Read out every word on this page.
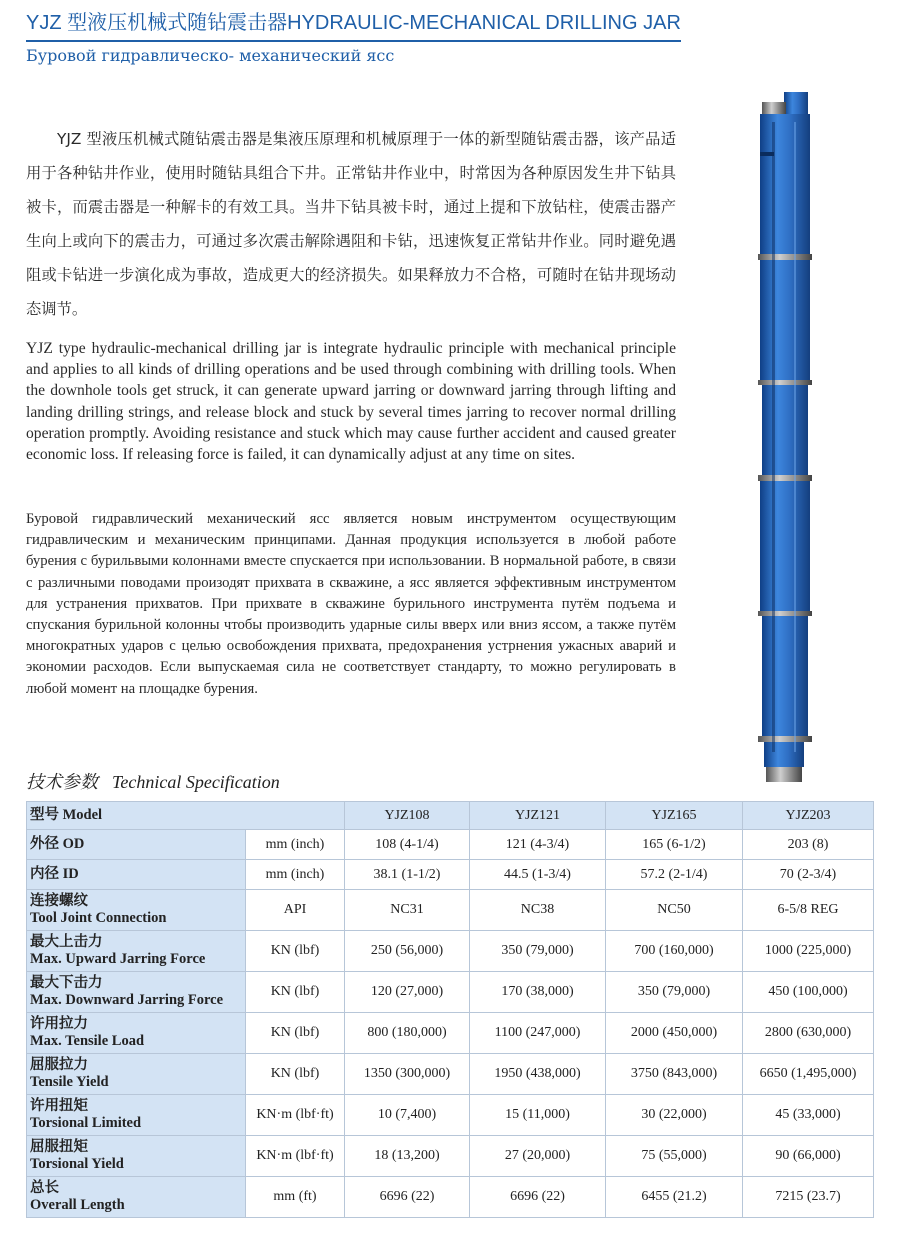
YJZ 型液压机械式随钻震击器HYDRAULIC-MECHANICAL DRILLING JAR
Буровой гидравлическо- механический ясс
YJZ 型液压机械式随钻震击器是集液压原理和机械原理于一体的新型随钻震击器，该产品适用于各种钻井作业，使用时随钻具组合下井。正常钻井作业中，时常因为各种原因发生井下钻具被卡，而震击器是一种解卡的有效工具。当井下钻具被卡时，通过上提和下放钻柱，使震击器产生向上或向下的震击力，可通过多次震击解除遇阻和卡钻，迅速恢复正常钻井作业。同时避免遇阻或卡钻进一步演化成为事故，造成更大的经济损失。如果释放力不合格，可随时在钻井现场动态调节。
YJZ type hydraulic-mechanical drilling jar is integrate hydraulic principle with mechanical principle and applies to all kinds of drilling operations and be used through combining with drilling tools. When the downhole tools get struck, it can generate upward jarring or downward jarring through lifting and landing drilling strings, and release block and stuck by several times jarring to recover normal drilling operation promptly. Avoiding resistance and stuck which may cause further accident and caused greater economic loss. If releasing force is failed, it can dynamically adjust at any time on sites.
Буровой гидравлический механический ясс является новым инструментом осуществующим гидравлическим и механическим принципами. Данная продукция используется в любой работе бурения с бурильвыми колоннами вместе спускается при использовании. В нормальной работе, в связи с различными поводами произодят прихвата в скважине, а ясс является эффективным инструментом для устранения прихватов. При прихвате в скважине бурильного инструмента путём подъема и спускания бурильной колонны чтобы производить ударные силы вверх или вниз яссом, а также путём многократных ударов с целью освобождения прихвата, предохранения устрнения ужасных аварий и экономии расходов. Если выпускаемая сила не соответствует стандарту, то можно регулировать в любой момент на площадке бурения.
技术参数 Technical Specification
型号 Model		YJZ108	YJZ121	YJZ165	YJZ203
外径 OD	mm (inch)	108 (4-1/4)	121 (4-3/4)	165 (6-1/2)	203 (8)
内径 ID	mm (inch)	38.1 (1-1/2)	44.5 (1-3/4)	57.2 (2-1/4)	70 (2-3/4)
连接螺纹
Tool Joint Connection	API	NC31	NC38	NC50	6-5/8 REG
最大上击力
Max. Upward Jarring Force	KN (lbf)	250 (56,000)	350 (79,000)	700 (160,000)	1000 (225,000)
最大下击力
Max. Downward Jarring Force	KN (lbf)	120 (27,000)	170 (38,000)	350 (79,000)	450 (100,000)
许用拉力
Max. Tensile Load	KN (lbf)	800 (180,000)	1100 (247,000)	2000 (450,000)	2800 (630,000)
屈服拉力
Tensile Yield	KN (lbf)	1350 (300,000)	1950 (438,000)	3750 (843,000)	6650 (1,495,000)
许用扭矩
Torsional Limited	KN·m (lbf·ft)	10 (7,400)	15 (11,000)	30 (22,000)	45 (33,000)
屈服扭矩
Torsional Yield	KN·m (lbf·ft)	18 (13,200)	27 (20,000)	75 (55,000)	90 (66,000)
总长
Overall Length	mm (ft)	6696 (22)	6696 (22)	6455 (21.2)	7215 (23.7)
